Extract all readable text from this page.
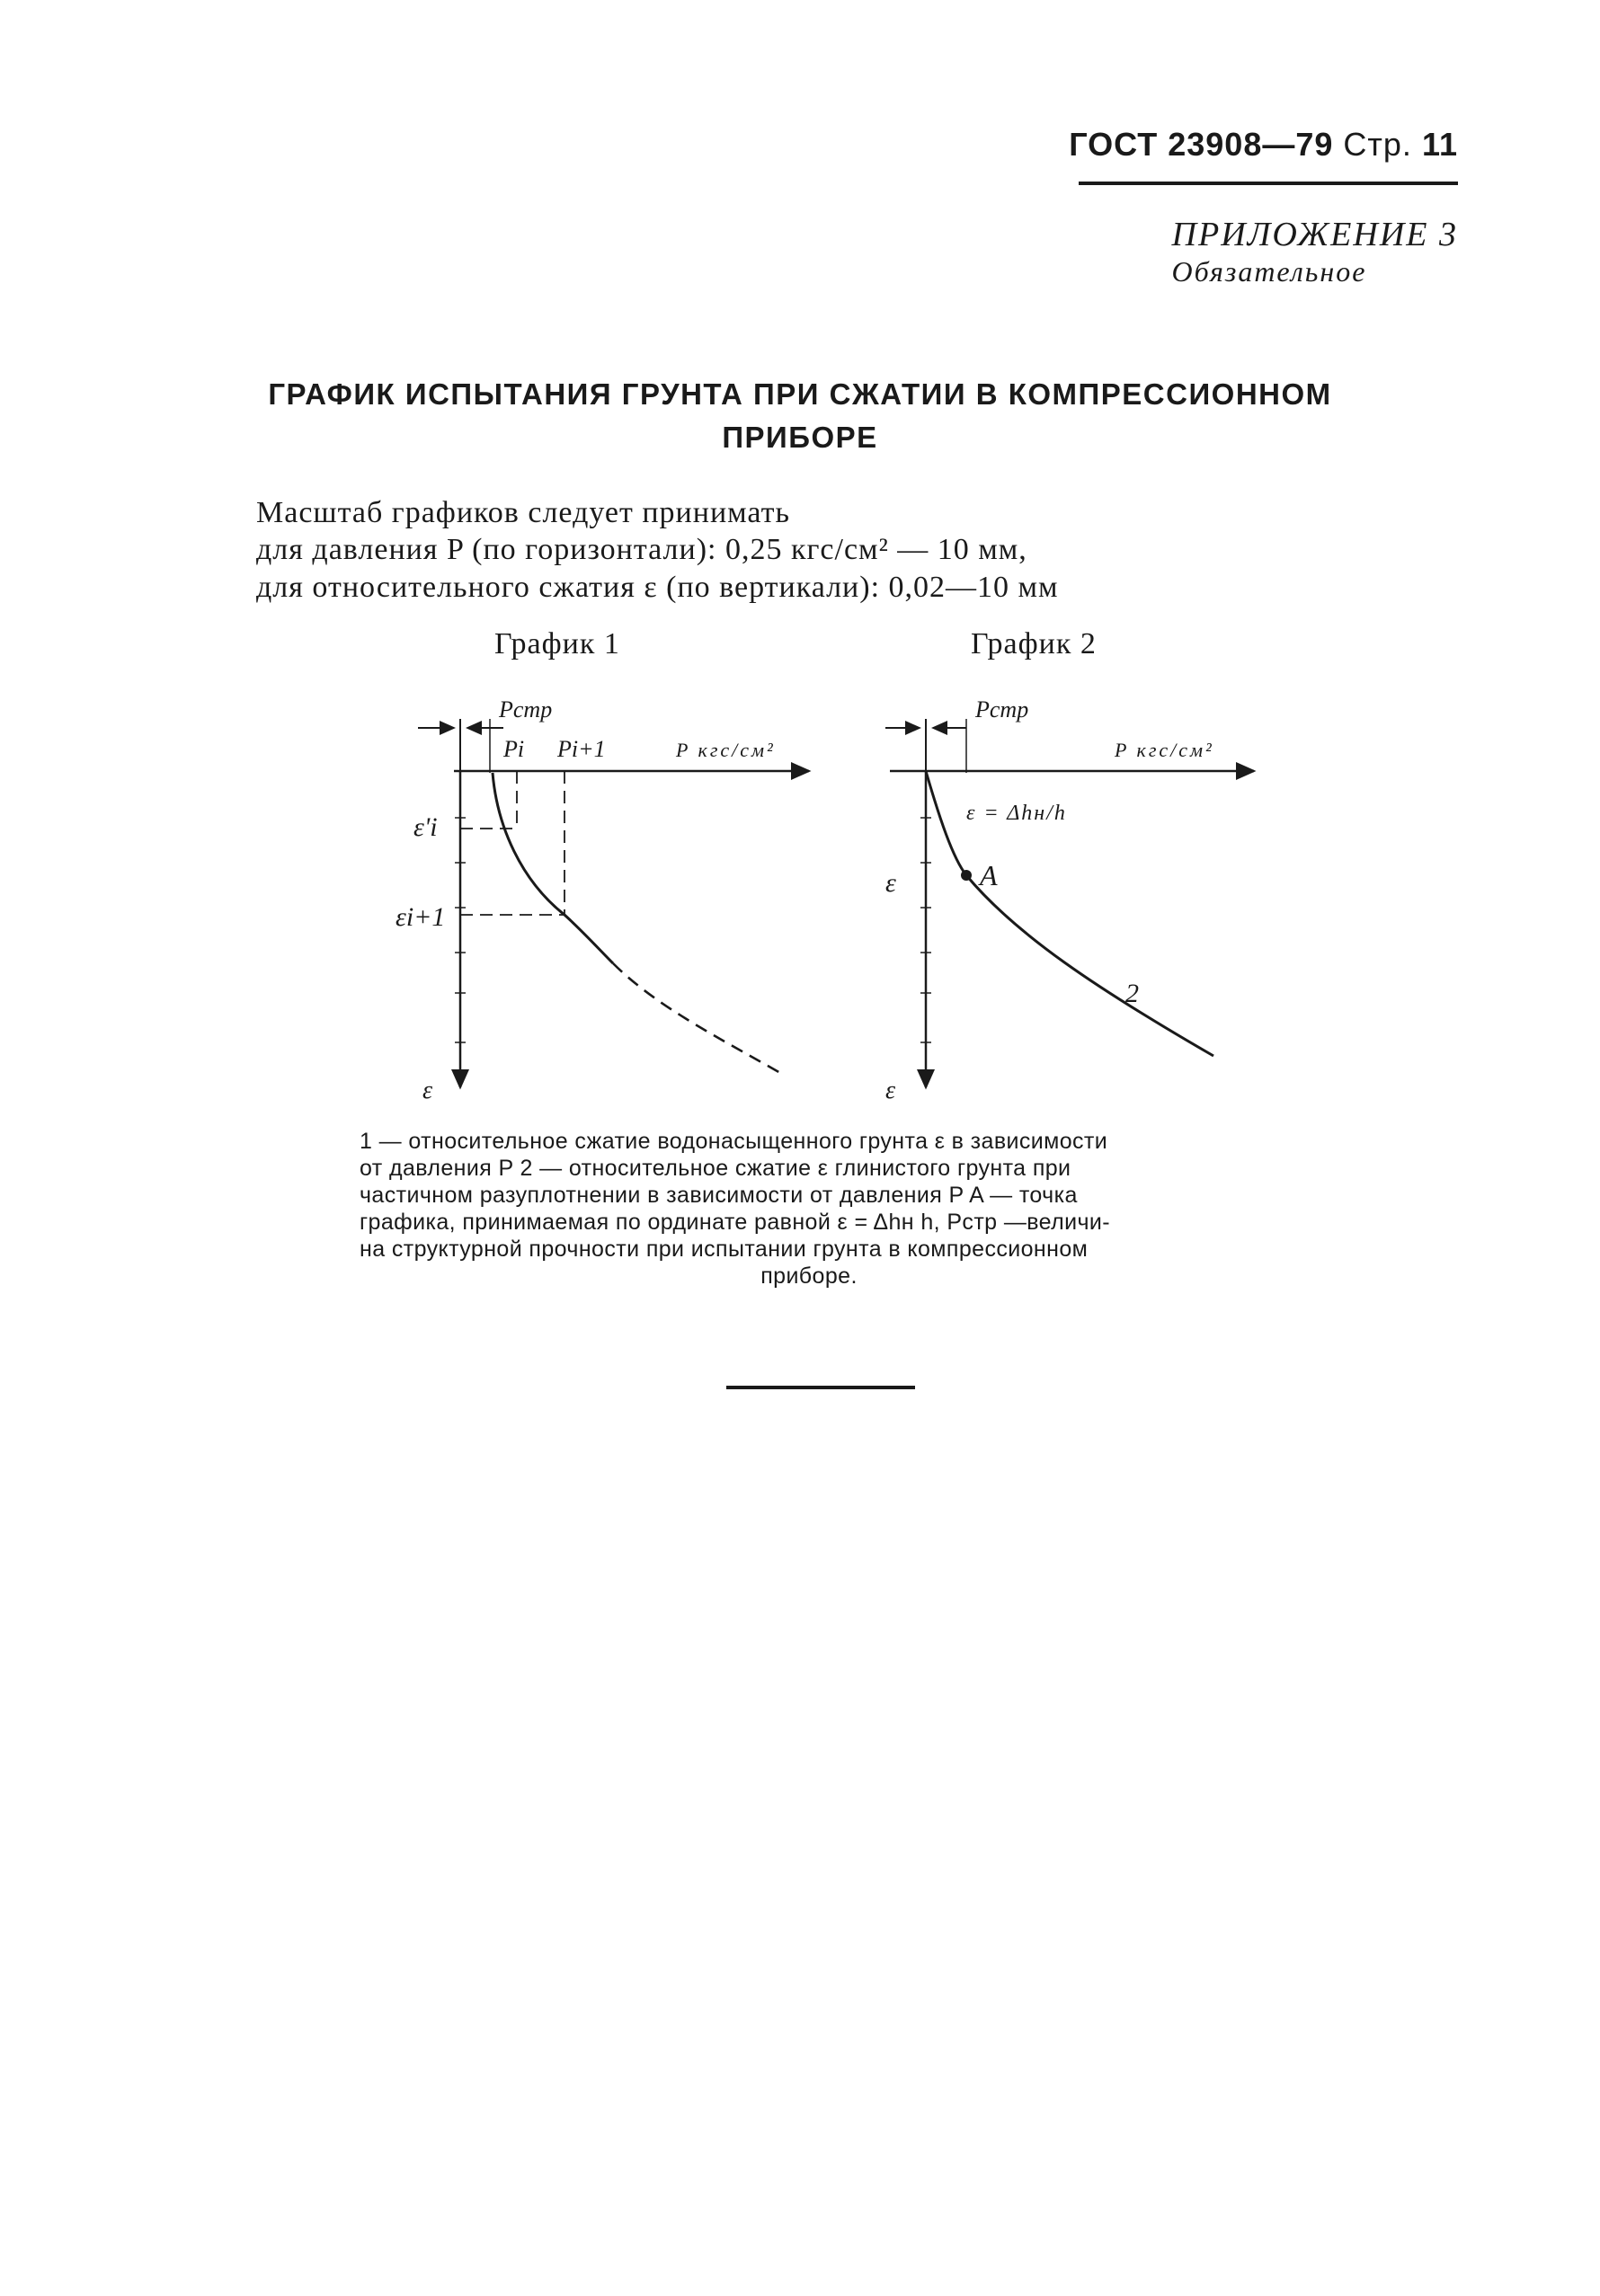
ГОСТ 23908—79 Стр. 11
ПРИЛОЖЕНИЕ 3
Обязательное
ГРАФИК ИСПЫТАНИЯ ГРУНТА ПРИ СЖАТИИ В КОМПРЕССИОННОМ
ПРИБОРЕ
Масштаб графиков следует принимать
для давления P (по горизонтали): 0,25 кгс/см² — 10 мм,
для относительного сжатия ε (по вертикали): 0,02—10 мм
График 1	График 2
Pстр
Pi Pi+1	P кгс/см²
ε
ε'i
εi+1
Pстр
P кгс/см²
ε
ε = Δhн/h
ε	A
2
1 — относительное сжатие водонасыщенного грунта ε в зависимости
от давления P 2 — относительное сжатие ε глинистого грунта при
частичном разуплотнении в зависимости от давления P A — точка
графика, принимаемая по ординате равной ε = Δhн h, Pстр —величи-
на структурной прочности при испытании грунта в компрессионном
приборе.
